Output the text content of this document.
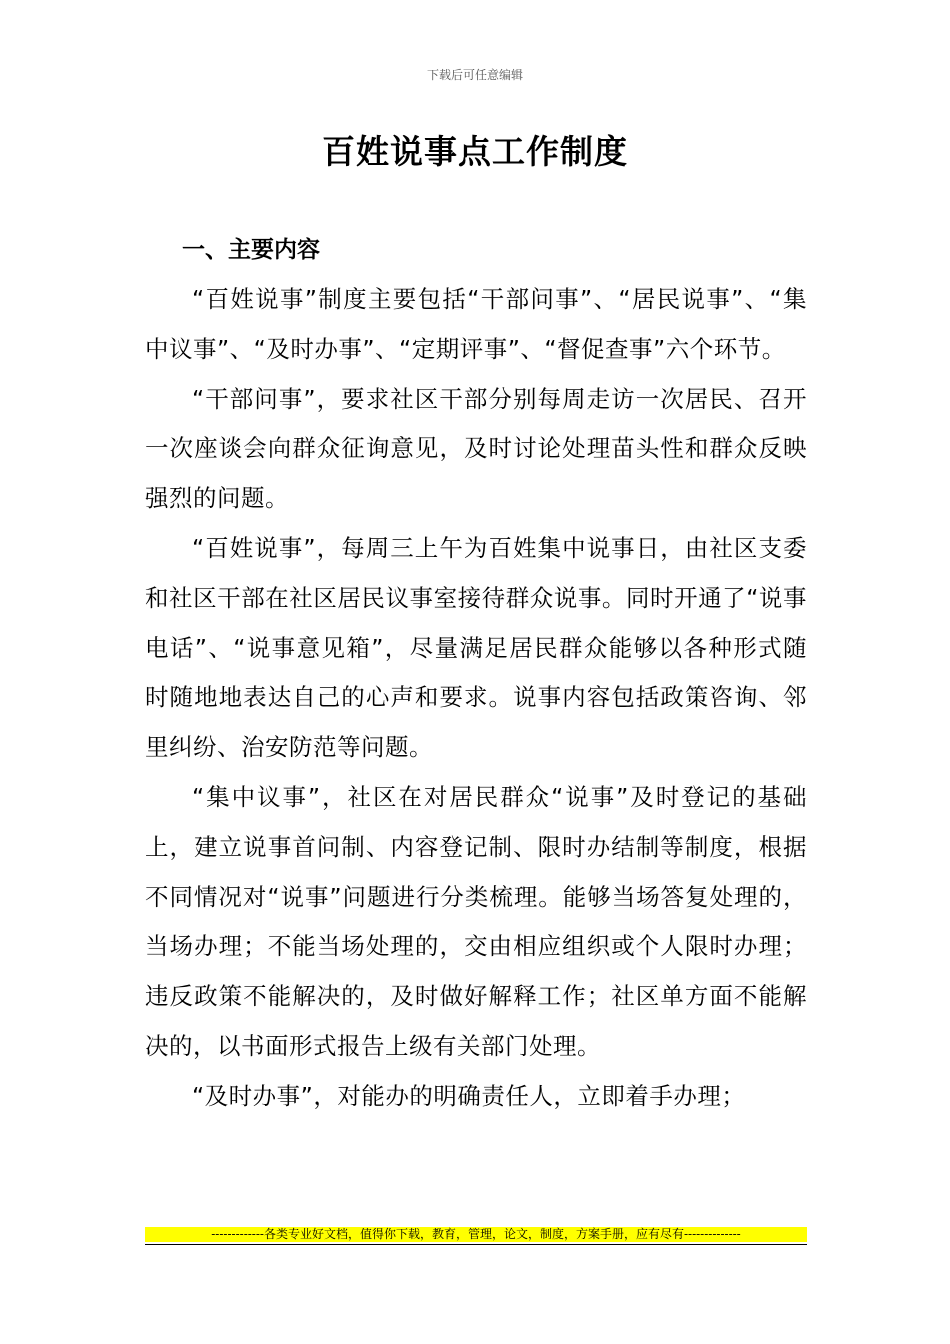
下载后可任意编辑
百姓说事点工作制度
一、主要内容

“百姓说事”制度主要包括“干部问事”、“居民说事”、“集中议事”、“及时办事”、“定期评事”、“督促查事”六个环节。

“干部问事”，要求社区干部分别每周走访一次居民、召开一次座谈会向群众征询意见，及时讨论处理苗头性和群众反映强烈的问题。

“百姓说事”，每周三上午为百姓集中说事日，由社区支委和社区干部在社区居民议事室接待群众说事。同时开通了“说事电话”、“说事意见箱”，尽量满足居民群众能够以各种形式随时随地地表达自己的心声和要求。说事内容包括政策咨询、邻里纠纷、治安防范等问题。

“集中议事”，社区在对居民群众“说事”及时登记的基础上，建立说事首问制、内容登记制、限时办结制等制度，根据不同情况对“说事”问题进行分类梳理。能够当场答复处理的，当场办理；不能当场处理的，交由相应组织或个人限时办理；违反政策不能解决的，及时做好解释工作；社区单方面不能解决的，以书面形式报告上级有关部门处理。

“及时办事”，对能办的明确责任人，立即着手办理；

-------------各类专业好文档，值得你下载，教育，管理，论文，制度，方案手册，应有尽有--------------
